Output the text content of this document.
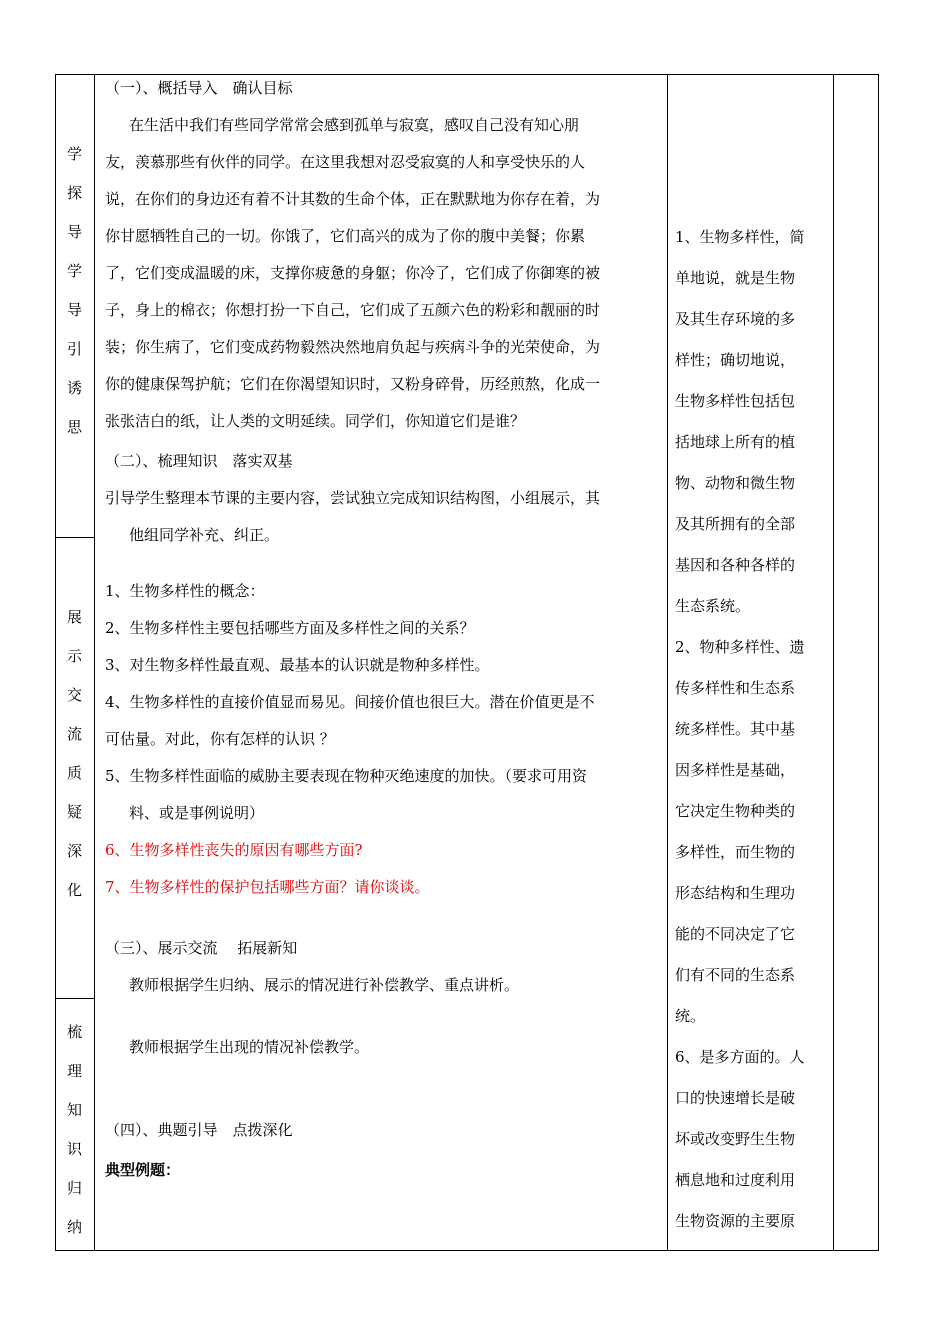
学
探
导
学
导
引
诱
思
展
示
交
流
质
疑
深
化
梳
理
知
识
归
纳
（一）、概括导入　确认目标
在生活中我们有些同学常常会感到孤单与寂寞，感叹自己没有知心朋
友，羡慕那些有伙伴的同学。在这里我想对忍受寂寞的人和享受快乐的人
说，在你们的身边还有着不计其数的生命个体，正在默默地为你存在着，为
你甘愿牺牲自己的一切。你饿了，它们高兴的成为了你的腹中美餐；你累
了，它们变成温暖的床，支撑你疲惫的身躯；你冷了，它们成了你御寒的被
子，身上的棉衣；你想打扮一下自己，它们成了五颜六色的粉彩和靓丽的时
装；你生病了，它们变成药物毅然决然地肩负起与疾病斗争的光荣使命，为
你的健康保驾护航；它们在你渴望知识时，又粉身碎骨，历经煎熬，化成一
张张洁白的纸，让人类的文明延续。同学们，你知道它们是谁？
（二）、梳理知识　落实双基
引导学生整理本节课的主要内容，尝试独立完成知识结构图，小组展示，其
他组同学补充、纠正。
1、生物多样性的概念：
2、生物多样性主要包括哪些方面及多样性之间的关系？
3、对生物多样性最直观、最基本的认识就是物种多样性。
4、生物多样性的直接价值显而易见。间接价值也很巨大。潜在价值更是不
可估量。对此，你有怎样的认识 ？
5、生物多样性面临的威胁主要表现在物种灭绝速度的加快。（要求可用资
料、或是事例说明）
6、生物多样性丧失的原因有哪些方面?
7、生物多样性的保护包括哪些方面？请你谈谈。
（三）、展示交流　 拓展新知
教师根据学生归纳、展示的情况进行补偿教学、重点讲析。
教师根据学生出现的情况补偿教学。
（四）、典题引导　点拨深化
典型例题：
1、生物多样性，简
单地说，就是生物
及其生存环境的多
样性；确切地说，
生物多样性包括包
括地球上所有的植
物、动物和微生物
及其所拥有的全部
基因和各种各样的
生态系统。
2、物种多样性、遗
传多样性和生态系
统多样性。其中基
因多样性是基础，
它决定生物种类的
多样性，而生物的
形态结构和生理功
能的不同决定了它
们有不同的生态系
统。
6、是多方面的。人
口的快速增长是破
坏或改变野生生物
栖息地和过度利用
生物资源的主要原
